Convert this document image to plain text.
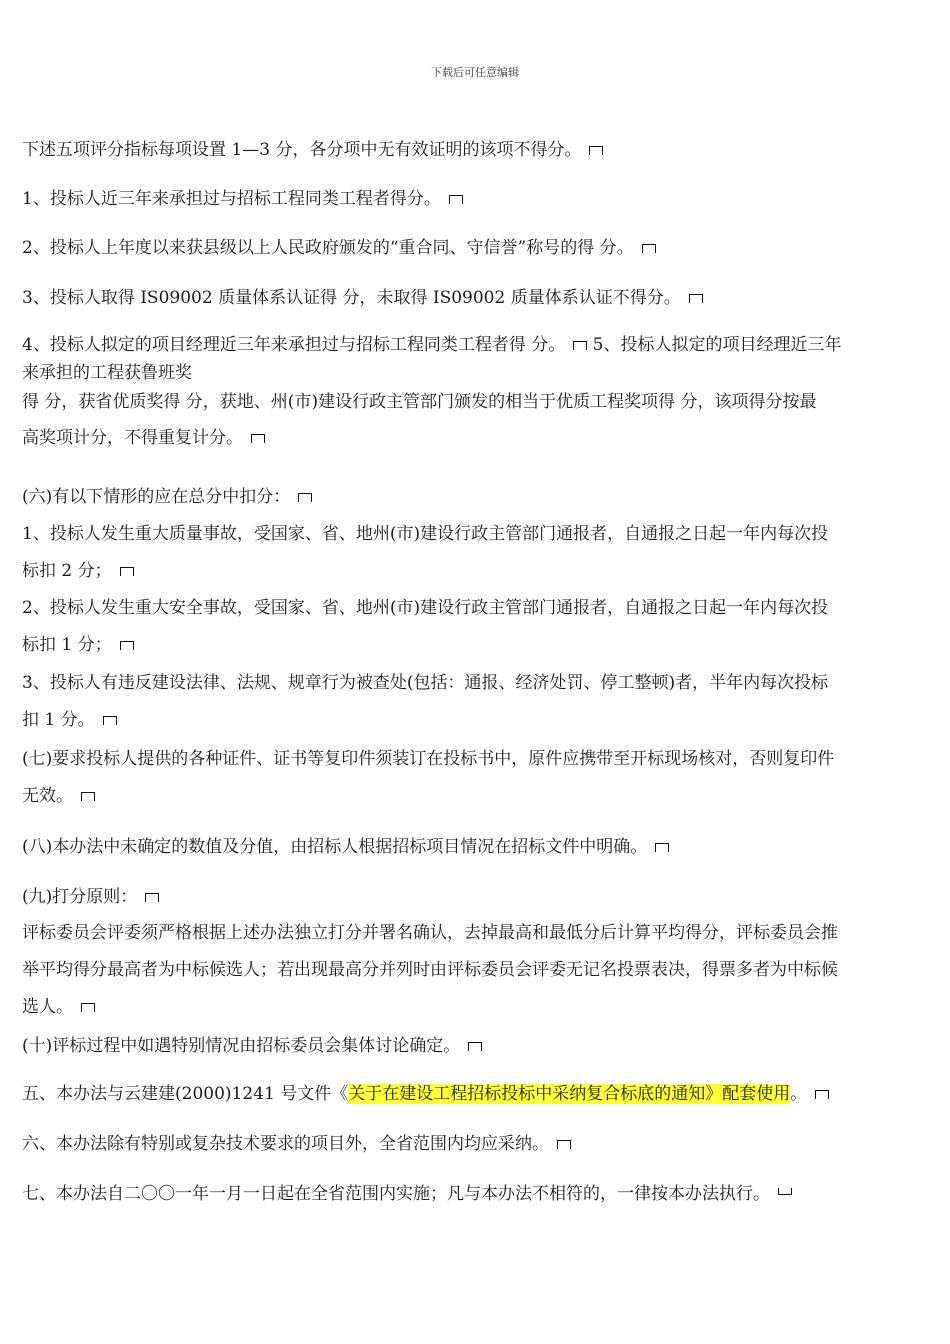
下载后可任意编辑
下述五项评分指标每项设置 1—3 分，各分项中无有效证明的该项不得分。
1、投标人近三年来承担过与招标工程同类工程者得分。
2、投标人上年度以来获县级以上人民政府颁发的“重合同、守信誉”称号的得 分。
3、投标人取得 IS09002 质量体系认证得 分，未取得 IS09002 质量体系认证不得分。
4、投标人拟定的项目经理近三年来承担过与招标工程同类工程者得 分。 5、投标人拟定的项目经理近三年
来承担的工程获鲁班奖
得 分，获省优质奖得 分，获地、州(市)建设行政主管部门颁发的相当于优质工程奖项得 分，该项得分按最
高奖项计分，不得重复计分。
(六)有以下情形的应在总分中扣分：
1、投标人发生重大质量事故，受国家、省、地州(市)建设行政主管部门通报者，自通报之日起一年内每次投
标扣 2 分；
2、投标人发生重大安全事故，受国家、省、地州(市)建设行政主管部门通报者，自通报之日起一年内每次投
标扣 1 分；
3、投标人有违反建设法律、法规、规章行为被查处(包括：通报、经济处罚、停工整顿)者，半年内每次投标
扣 1 分。
(七)要求投标人提供的各种证件、证书等复印件须装订在投标书中，原件应携带至开标现场核对，否则复印件
无效。
(八)本办法中未确定的数值及分值，由招标人根据招标项目情况在招标文件中明确。
(九)打分原则：
评标委员会评委须严格根据上述办法独立打分并署名确认，去掉最高和最低分后计算平均得分，评标委员会推
举平均得分最高者为中标候选人；若出现最高分并列时由评标委员会评委无记名投票表决，得票多者为中标候
选人。
(十)评标过程中如遇特别情况由招标委员会集体讨论确定。
五、本办法与云建建(2000)1241 号文件《关于在建设工程招标投标中采纳复合标底的通知》配套使用。
六、本办法除有特别或复杂技术要求的项目外，全省范围内均应采纳。
七、本办法自二〇〇一年一月一日起在全省范围内实施；凡与本办法不相符的，一律按本办法执行。
